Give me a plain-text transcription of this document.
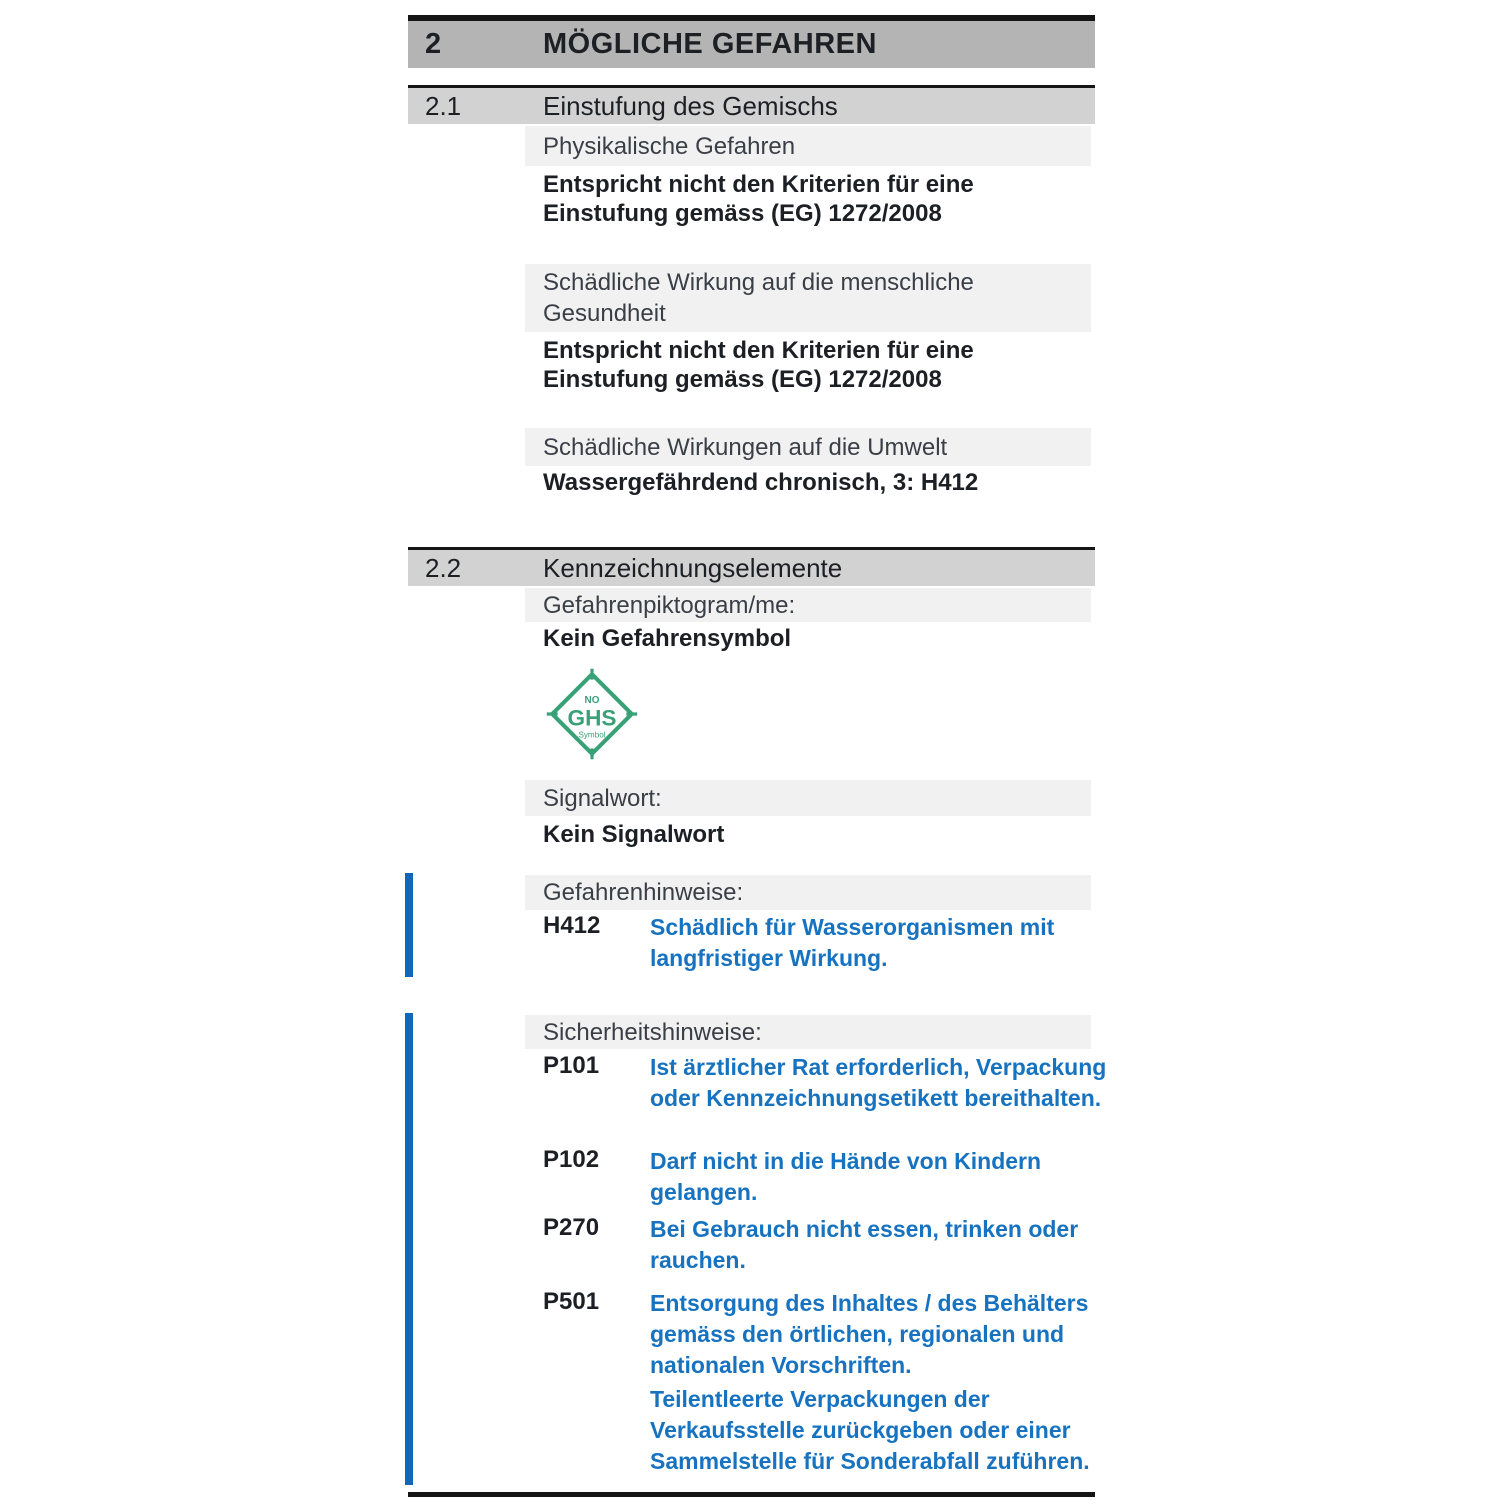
2	MÖGLICHE GEFAHREN
2.1	Einstufung des Gemischs
Physikalische Gefahren
Entspricht nicht den Kriterien für eine Einstufung gemäss (EG) 1272/2008
Schädliche Wirkung auf die menschliche Gesundheit
Entspricht nicht den Kriterien für eine Einstufung gemäss (EG) 1272/2008
Schädliche Wirkungen auf die Umwelt
Wassergefährdend chronisch, 3: H412
2.2	Kennzeichnungselemente
Gefahrenpiktogram/me:
Kein Gefahrensymbol
NO
GHS
Symbol
Signalwort:
Kein Signalwort
Gefahrenhinweise:
H412	Schädlich für Wasserorganismen mit langfristiger Wirkung.
Sicherheitshinweise:
P101	Ist ärztlicher Rat erforderlich, Verpackung oder Kennzeichnungsetikett bereithalten.
P102	Darf nicht in die Hände von Kindern gelangen.
P270	Bei Gebrauch nicht essen, trinken oder rauchen.
P501	Entsorgung des Inhaltes / des Behälters gemäss den örtlichen, regionalen und nationalen Vorschriften.
Teilentleerte Verpackungen der Verkaufsstelle zurückgeben oder einer Sammelstelle für Sonderabfall zuführen.
